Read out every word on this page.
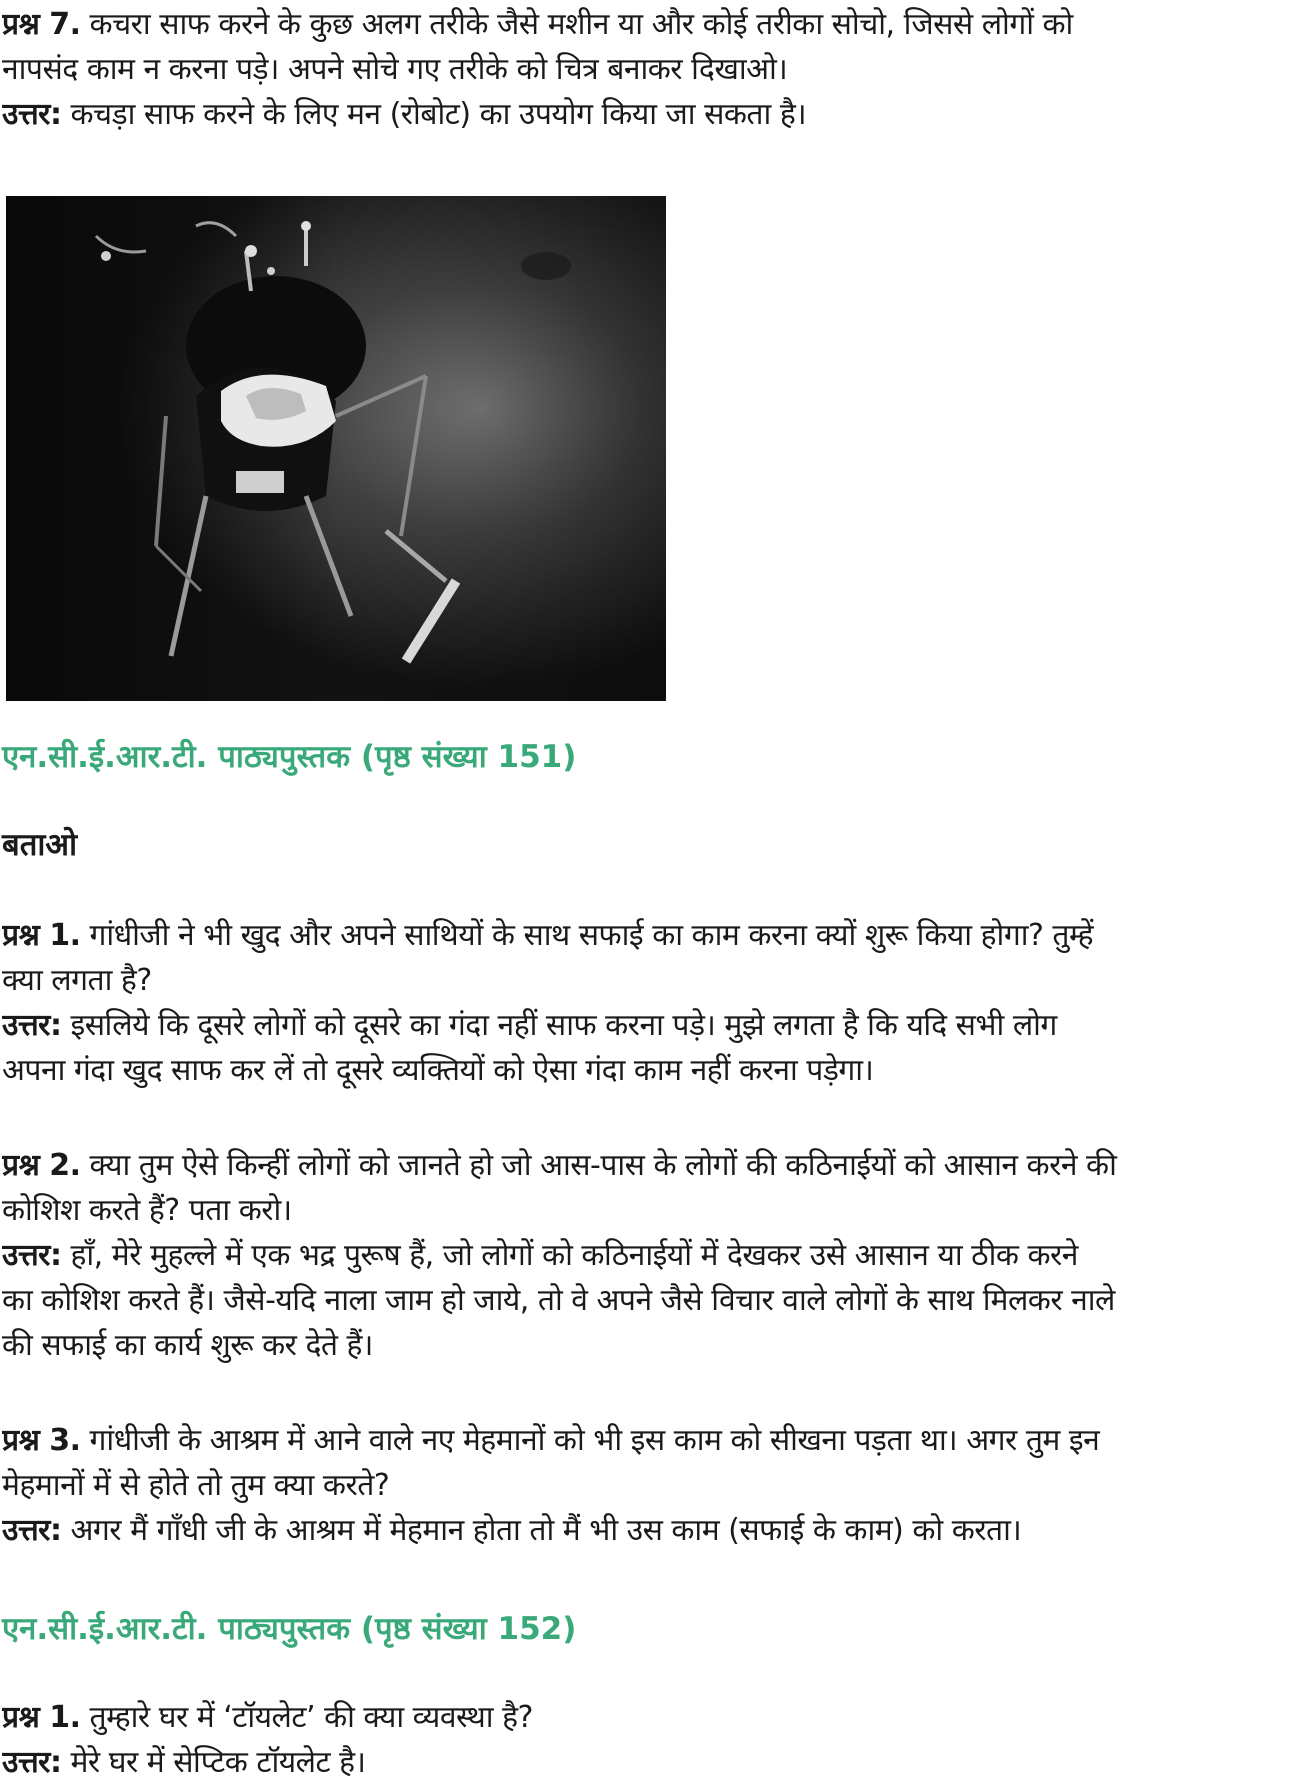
प्रश्न 7. कचरा साफ करने के कुछ अलग तरीके जैसे मशीन या और कोई तरीका सोचो, जिससे लोगों को
नापसंद काम न करना पड़े। अपने सोचे गए तरीके को चित्र बनाकर दिखाओ।
उत्तर: कचड़ा साफ करने के लिए मन (रोबोट) का उपयोग किया जा सकता है।
एन.सी.ई.आर.टी. पाठ्यपुस्तक (पृष्ठ संख्या 151)
बताओ
प्रश्न 1. गांधीजी ने भी खुद और अपने साथियों के साथ सफाई का काम करना क्यों शुरू किया होगा? तुम्हें
क्या लगता है?
उत्तर: इसलिये कि दूसरे लोगों को दूसरे का गंदा नहीं साफ करना पड़े। मुझे लगता है कि यदि सभी लोग
अपना गंदा खुद साफ कर लें तो दूसरे व्यक्तियों को ऐसा गंदा काम नहीं करना पड़ेगा।
प्रश्न 2. क्या तुम ऐसे किन्हीं लोगों को जानते हो जो आस-पास के लोगों की कठिनाईयों को आसान करने की
कोशिश करते हैं? पता करो।
उत्तर: हाँ, मेरे मुहल्ले में एक भद्र पुरूष हैं, जो लोगों को कठिनाईयों में देखकर उसे आसान या ठीक करने
का कोशिश करते हैं। जैसे-यदि नाला जाम हो जाये, तो वे अपने जैसे विचार वाले लोगों के साथ मिलकर नाले
की सफाई का कार्य शुरू कर देते हैं।
प्रश्न 3. गांधीजी के आश्रम में आने वाले नए मेहमानों को भी इस काम को सीखना पड़ता था। अगर तुम इन
मेहमानों में से होते तो तुम क्या करते?
उत्तर: अगर मैं गाँधी जी के आश्रम में मेहमान होता तो मैं भी उस काम (सफाई के काम) को करता।
एन.सी.ई.आर.टी. पाठ्यपुस्तक (पृष्ठ संख्या 152)
प्रश्न 1. तुम्हारे घर में ‘टॉयलेट’ की क्या व्यवस्था है?
उत्तर: मेरे घर में सेप्टिक टॉयलेट है।
